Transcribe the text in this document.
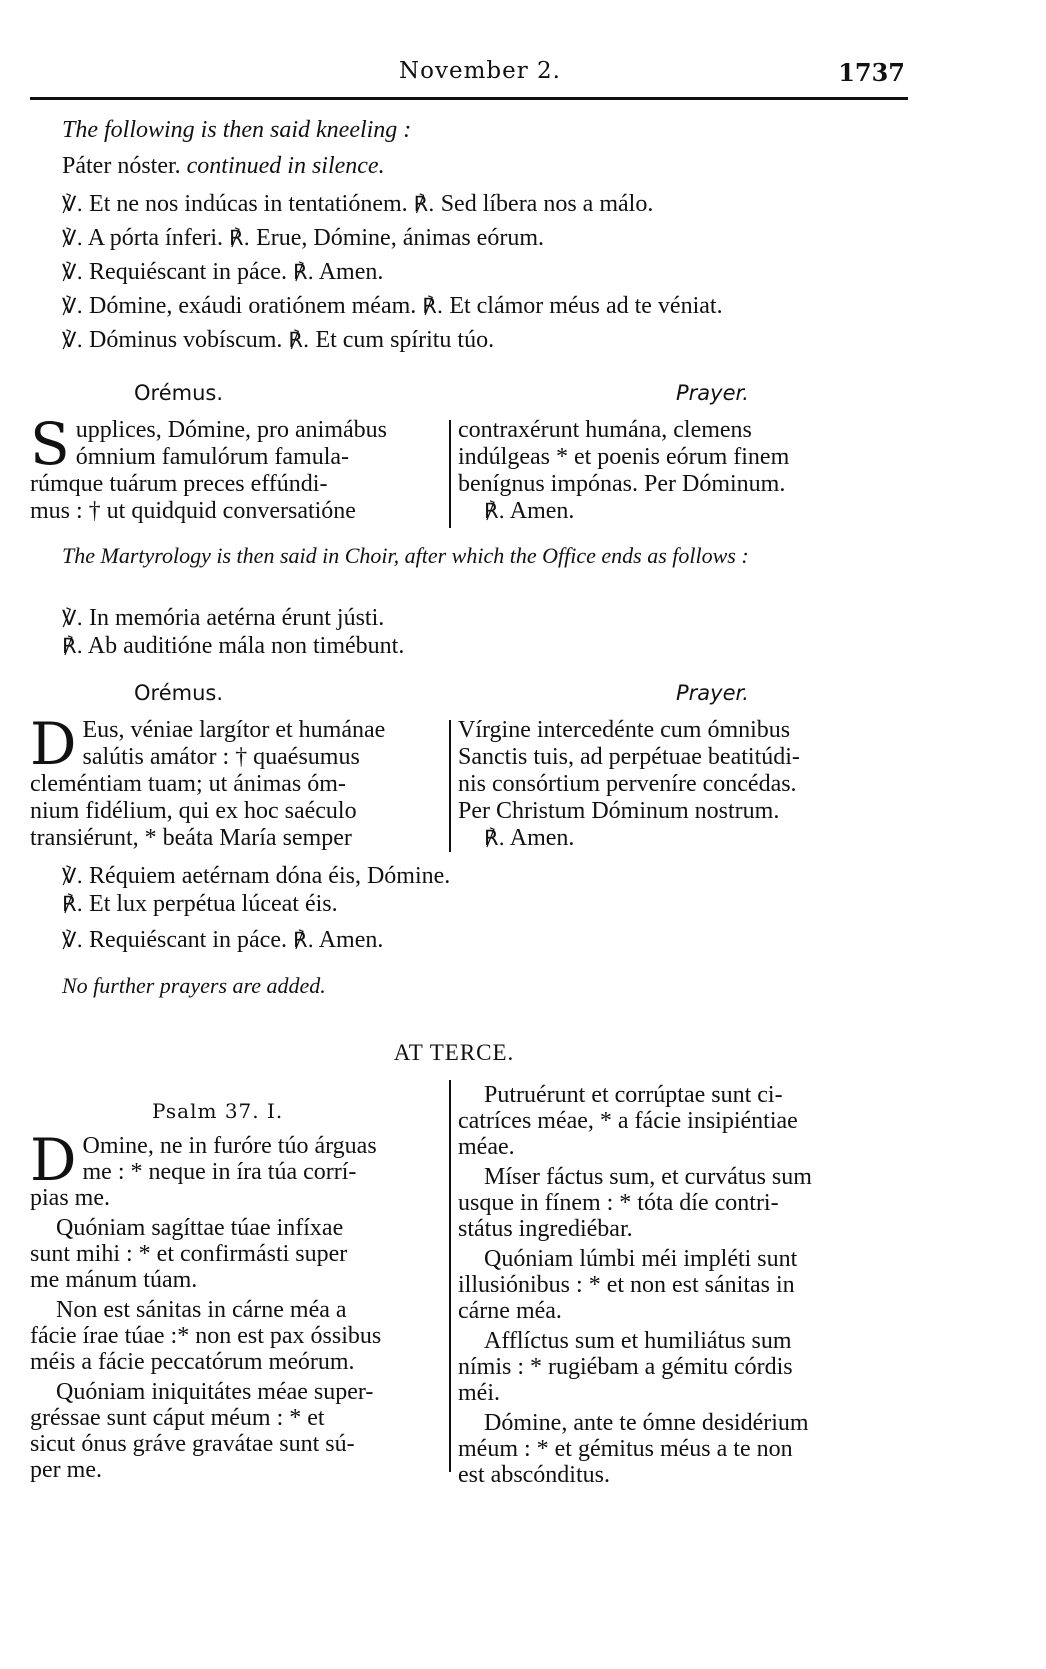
November 2.	1737
The following is then said kneeling :
Páter nóster. continued in silence.
℣. Et ne nos indúcas in tentatiónem. ℟. Sed líbera nos a málo.
℣. A pórta ínferi. ℟. Erue, Dómine, ánimas eórum.
℣. Requiéscant in páce. ℟. Amen.
℣. Dómine, exáudi oratiónem méam. ℟. Et clámor méus ad te véniat.
℣. Dóminus vobíscum. ℟. Et cum spíritu túo.
Orémus.	Prayer.
S upplices, Dómine, pro animábus

ómnium famulórum famula-

rúmque tuárum preces effúndi-

mus : † ut quidquid conversatióne

contraxérunt humána, clemens

indúlgeas * et poenis eórum finem

benígnus impónas. Per Dóminum.

℟. Amen.

The Martyrology is then said in Choir, after which the Office ends as follows :

℣. In memória aetérna érunt jústi.
℟. Ab auditióne mála non timébunt.
Orémus.	Prayer.
D Eus, véniae largítor et humánae

salútis amátor : † quaésumus

cleméntiam tuam; ut ánimas óm-

nium fidélium, qui ex hoc saéculo

transiérunt, * beáta María semper

Vírgine intercedénte cum ómnibus

Sanctis tuis, ad perpétuae beatitúdi-

nis consórtium perveníre concédas.

Per Christum Dóminum nostrum.

℟. Amen.

℣. Réquiem aetérnam dóna éis, Dómine.
℟. Et lux perpétua lúceat éis.
℣. Requiéscant in páce. ℟. Amen.
No further prayers are added.
AT TERCE.
Psalm 37. I.
D Omine, ne in furóre túo árguas

me : * neque in íra túa corrí-

pias me.

Quóniam sagíttae túae infíxae

sunt mihi : * et confirmásti super

me mánum túam.

Non est sánitas in cárne méa a

fácie írae túae :* non est pax óssibus

méis a fácie peccatórum meórum.

Quóniam iniquitátes méae super-

gréssae sunt cáput méum : * et

sicut ónus gráve gravátae sunt sú-

per me.

Putruérunt et corrúptae sunt ci-

catríces méae, * a fácie insipiéntiae

méae.

Míser fáctus sum, et curvátus sum

usque in fínem : * tóta díe contri-

státus ingrediébar.

Quóniam lúmbi méi impléti sunt

illusiónibus : * et non est sánitas in

cárne méa.

Afflíctus sum et humiliátus sum

nímis : * rugiébam a gémitu córdis

méi.

Dómine, ante te ómne desidérium

méum : * et gémitus méus a te non

est abscónditus.
